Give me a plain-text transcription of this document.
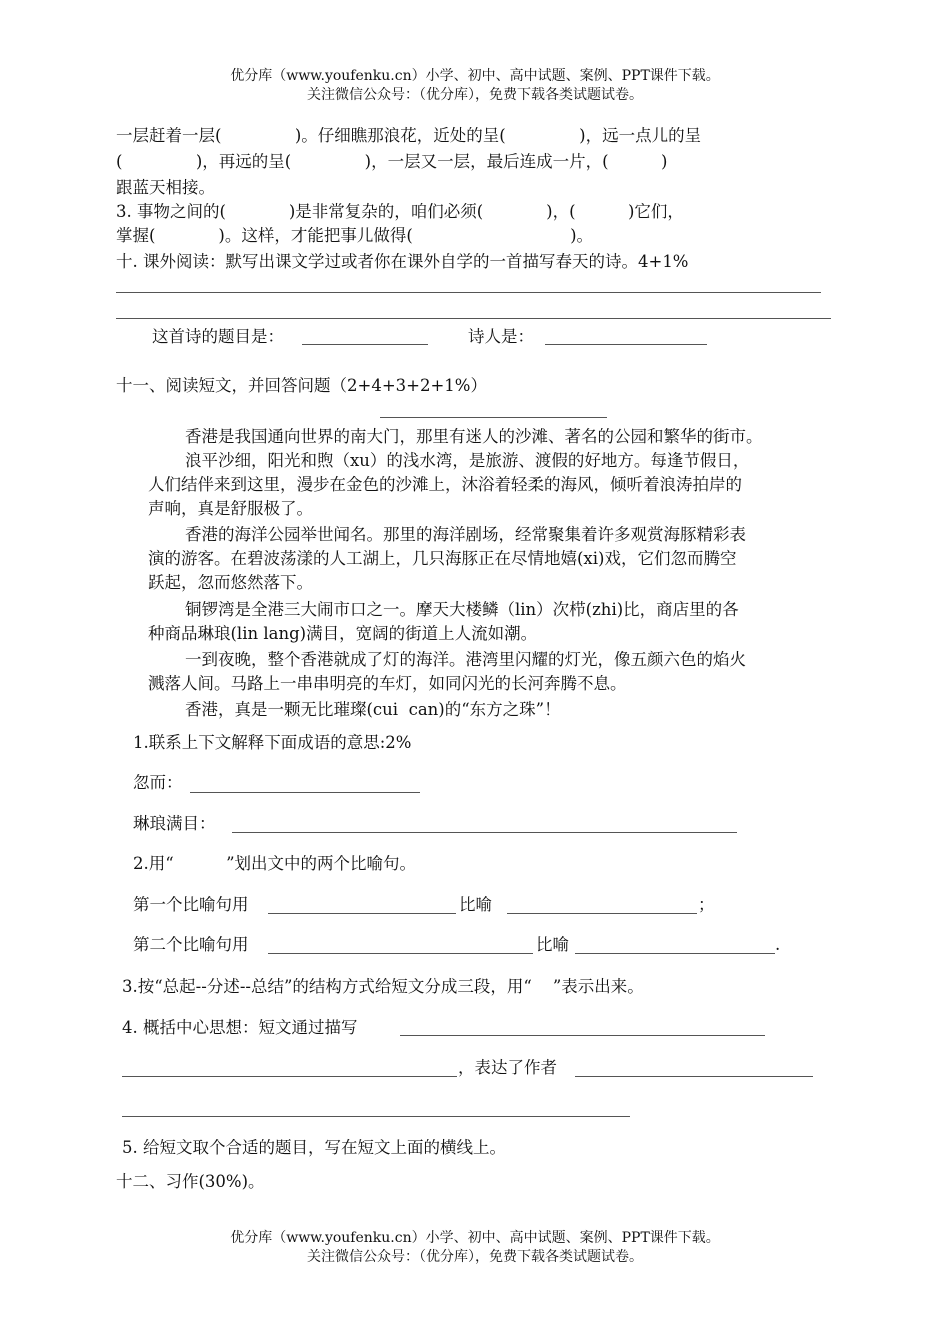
优分库（www.youfenku.cn）小学、初中、高中试题、案例、PPT课件下载。
关注微信公众号：（优分库），免费下载各类试题试卷。
一层赶着一层(              )。仔细瞧那浪花，近处的呈(              )，远一点儿的呈
(              )，再远的呈(              )，一层又一层，最后连成一片，(          )
跟蓝天相接。
3. 事物之间的(            )是非常复杂的，咱们必须(            )，(          )它们，
掌握(            )。这样，才能把事儿做得(                              )。
十. 课外阅读：默写出课文学过或者你在课外自学的一首描写春天的诗。4+1%
这首诗的题目是：	诗人是：
十一、阅读短文，并回答问题（2+4+3+2+1%）
香港是我国通向世界的南大门，那里有迷人的沙滩、著名的公园和繁华的街市。
浪平沙细，阳光和煦（xu）的浅水湾，是旅游、渡假的好地方。每逢节假日，
人们结伴来到这里，漫步在金色的沙滩上，沐浴着轻柔的海风，倾听着浪涛拍岸的
声响，真是舒服极了。
香港的海洋公园举世闻名。那里的海洋剧场，经常聚集着许多观赏海豚精彩表
演的游客。在碧波荡漾的人工湖上，几只海豚正在尽情地嬉(xi)戏，它们忽而腾空
跃起，忽而悠然落下。
铜锣湾是全港三大闹市口之一。摩天大楼鳞（lin）次栉(zhi)比，商店里的各
种商品琳琅(lin lang)满目，宽阔的街道上人流如潮。
一到夜晚，整个香港就成了灯的海洋。港湾里闪耀的灯光，像五颜六色的焰火
溅落人间。马路上一串串明亮的车灯，如同闪光的长河奔腾不息。
香港，真是一颗无比璀璨(cui  can)的“东方之珠”！
1.联系上下文解释下面成语的意思:2%
忽而：
琳琅满目：
2.用“          ”划出文中的两个比喻句。
第一个比喻句用	比喻	；
第二个比喻句用	比喻	.
3.按“总起--分述--总结”的结构方式给短文分成三段，用“    ”表示出来。
4. 概括中心思想：短文通过描写
，表达了作者
5. 给短文取个合适的题目，写在短文上面的横线上。
十二、习作(30%)。
优分库（www.youfenku.cn）小学、初中、高中试题、案例、PPT课件下载。
关注微信公众号：（优分库），免费下载各类试题试卷。
